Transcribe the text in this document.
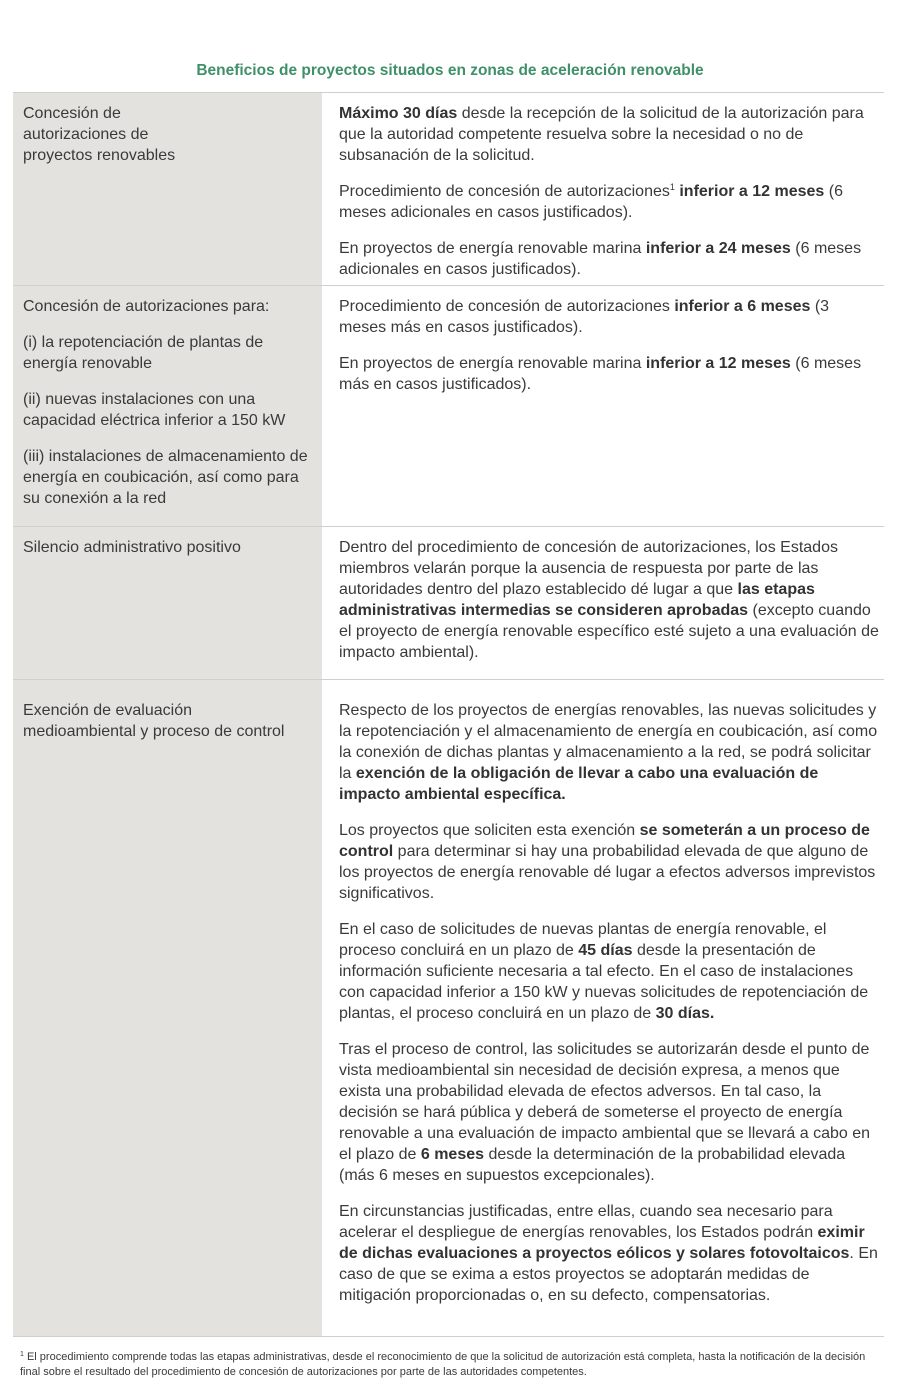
Beneficios de proyectos situados en zonas de aceleración renovable
Concesión de
autorizaciones de
proyectos renovables
Máximo 30 días desde la recepción de la solicitud de la autorización para que la autoridad competente resuelva sobre la necesidad o no de subsanación de la solicitud.
Procedimiento de concesión de autorizaciones$^1$ inferior a 12 meses (6 meses adicionales en casos justificados).
En proyectos de energía renovable marina inferior a 24 meses (6 meses adicionales en casos justificados).
Concesión de autorizaciones para:
(i) la repotenciación de plantas de energía renovable
(ii) nuevas instalaciones con una capacidad eléctrica inferior a 150 kW
(iii) instalaciones de almacenamiento de energía en coubicación, así como para su conexión a la red
Procedimiento de concesión de autorizaciones inferior a 6 meses (3 meses más en casos justificados).
En proyectos de energía renovable marina inferior a 12 meses (6 meses más en casos justificados).
Silencio administrativo positivo	Dentro del procedimiento de concesión de autorizaciones, los Estados miembros velarán porque la ausencia de respuesta por parte de las autoridades dentro del plazo establecido dé lugar a que las etapas administrativas intermedias se consideren aprobadas (excepto cuando el proyecto de energía renovable específico esté sujeto a una evaluación de impacto ambiental).
Exención de evaluación
medioambiental y proceso de control
Respecto de los proyectos de energías renovables, las nuevas solicitudes y la repotenciación y el almacenamiento de energía en coubicación, así como la conexión de dichas plantas y almacenamiento a la red, se podrá solicitar la exención de la obligación de llevar a cabo una evaluación de impacto ambiental específica.
Los proyectos que soliciten esta exención se someterán a un proceso de control para determinar si hay una probabilidad elevada de que alguno de los proyectos de energía renovable dé lugar a efectos adversos imprevistos significativos.
En el caso de solicitudes de nuevas plantas de energía renovable, el proceso concluirá en un plazo de 45 días desde la presentación de información suficiente necesaria a tal efecto. En el caso de instalaciones con capacidad inferior a 150 kW y nuevas solicitudes de repotenciación de plantas, el proceso concluirá en un plazo de 30 días.
Tras el proceso de control, las solicitudes se autorizarán desde el punto de vista medioambiental sin necesidad de decisión expresa, a menos que exista una probabilidad elevada de efectos adversos. En tal caso, la decisión se hará pública y deberá de someterse el proyecto de energía renovable a una evaluación de impacto ambiental que se llevará a cabo en el plazo de 6 meses desde la determinación de la probabilidad elevada (más 6 meses en supuestos excepcionales).
En circunstancias justificadas, entre ellas, cuando sea necesario para acelerar el despliegue de energías renovables, los Estados podrán eximir de dichas evaluaciones a proyectos eólicos y solares fotovoltaicos. En caso de que se exima a estos proyectos se adoptarán medidas de mitigación proporcionadas o, en su defecto, compensatorias.
$^1$ El procedimiento comprende todas las etapas administrativas, desde el reconocimiento de que la solicitud de autorización está completa, hasta la notificación de la decisión final sobre el resultado del procedimiento de concesión de autorizaciones por parte de las autoridades competentes.
